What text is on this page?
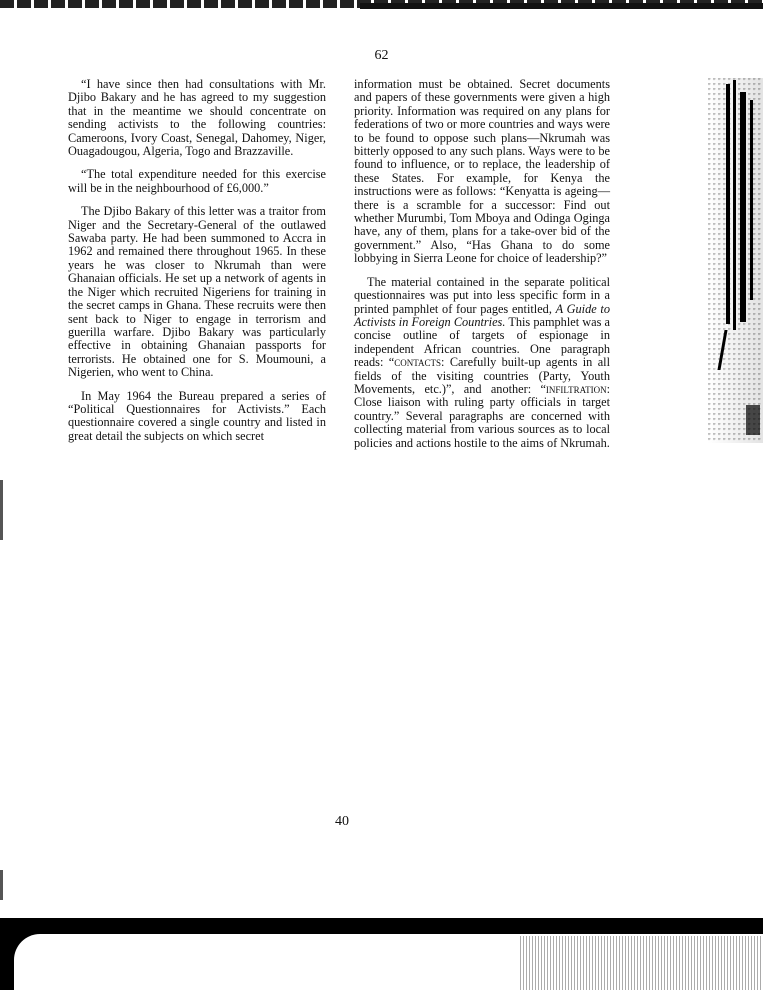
62

“I have since then had consultations with Mr. Djibo Bakary and he has agreed to my suggestion that in the meantime we should concentrate on sending activists to the following countries: Cameroons, Ivory Coast, Senegal, Dahomey, Niger, Ouagadougou, Algeria, Togo and Brazzaville.

“The total expenditure needed for this exercise will be in the neighbourhood of £6,000.”

The Djibo Bakary of this letter was a traitor from Niger and the Secretary-General of the outlawed Sawaba party. He had been summoned to Accra in 1962 and remained there throughout 1965. In these years he was closer to Nkrumah than were Ghanaian officials. He set up a network of agents in the Niger which recruited Nigeriens for training in the secret camps in Ghana. These recruits were then sent back to Niger to engage in terrorism and guerilla warfare. Djibo Bakary was particularly effective in obtaining Ghanaian passports for terrorists. He obtained one for S. Moumouni, a Nigerien, who went to China.

In May 1964 the Bureau prepared a series of “Political Questionnaires for Activists.” Each questionnaire covered a single country and listed in great detail the subjects on which secret

information must be obtained. Secret documents and papers of these governments were given a high priority. Information was required on any plans for federations of two or more countries and ways were to be found to oppose such plans—Nkrumah was bitterly opposed to any such plans. Ways were to be found to influence, or to replace, the leadership of these States. For example, for Kenya the instructions were as follows: “Kenyatta is ageing—there is a scramble for a successor: Find out whether Murumbi, Tom Mboya and Odinga Oginga have, any of them, plans for a take-over bid of the government.” Also, “Has Ghana to do some lobbying in Sierra Leone for choice of leadership?”

The material contained in the separate political questionnaires was put into less specific form in a printed pamphlet of four pages entitled, A Guide to Activists in Foreign Countries. This pamphlet was a concise outline of targets of espionage in independent African countries. One paragraph reads: “contacts: Carefully built-up agents in all fields of the visiting countries (Party, Youth Movements, etc.)”, and another: “infiltration: Close liaison with ruling party officials in target country.” Several paragraphs are concerned with collecting material from various sources as to local policies and actions hostile to the aims of Nkrumah.

40
